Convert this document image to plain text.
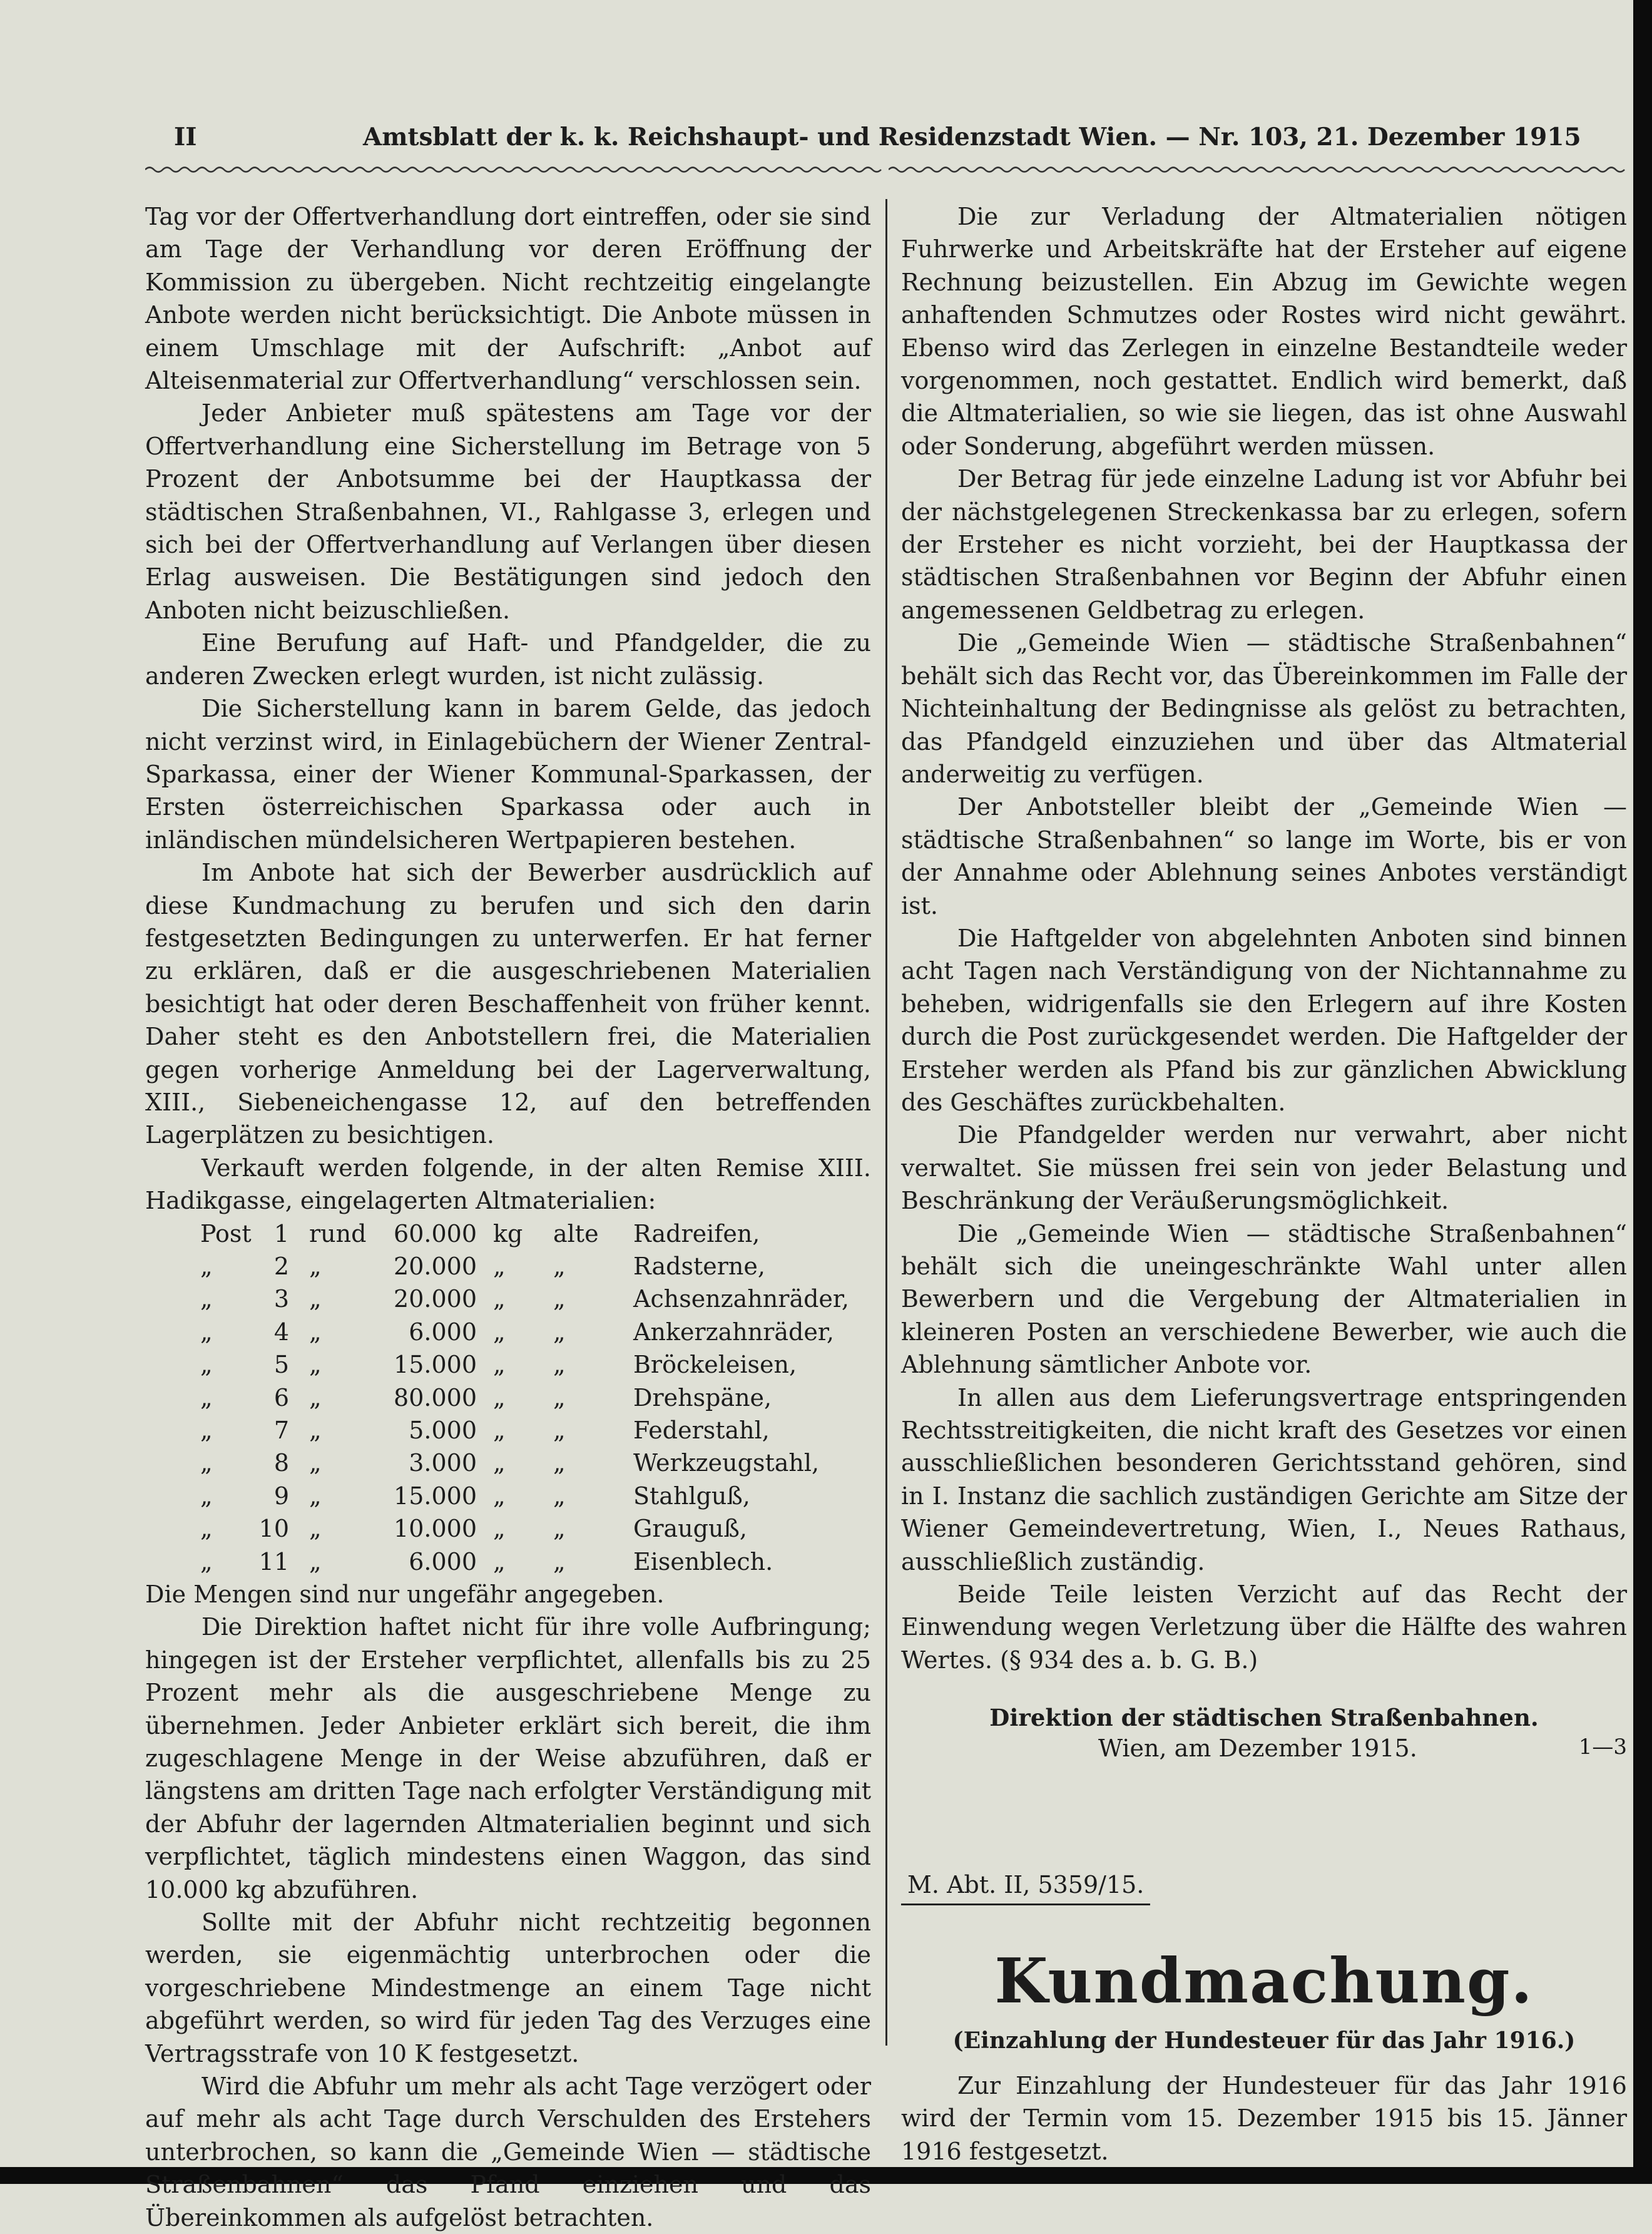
II	Amtsblatt der k. k. Reichshaupt- und Residenzstadt Wien. — Nr. 103, 21. Dezember 1915

Tag vor der Offertverhandlung dort eintreffen, oder sie sind am Tage der Verhandlung vor deren Eröffnung der Kommission zu übergeben. Nicht rechtzeitig eingelangte Anbote werden nicht berücksichtigt. Die Anbote müssen in einem Umschlage mit der Aufschrift: „Anbot auf Alteisenmaterial zur Offertverhandlung“ verschlossen sein.

Jeder Anbieter muß spätestens am Tage vor der Offertverhandlung eine Sicherstellung im Betrage von 5 Prozent der Anbotsumme bei der Hauptkassa der städtischen Straßenbahnen, VI., Rahlgasse 3, erlegen und sich bei der Offertverhandlung auf Verlangen über diesen Erlag ausweisen. Die Bestätigungen sind jedoch den Anboten nicht beizuschließen.

Eine Berufung auf Haft- und Pfandgelder, die zu anderen Zwecken erlegt wurden, ist nicht zulässig.

Die Sicherstellung kann in barem Gelde, das jedoch nicht verzinst wird, in Einlagebüchern der Wiener Zentral-Sparkassa, einer der Wiener Kommunal-Sparkassen, der Ersten österreichischen Sparkassa oder auch in inländischen mündelsicheren Wertpapieren bestehen.

Im Anbote hat sich der Bewerber ausdrücklich auf diese Kundmachung zu berufen und sich den darin festgesetzten Bedingungen zu unterwerfen. Er hat ferner zu erklären, daß er die ausgeschriebenen Materialien besichtigt hat oder deren Beschaffenheit von früher kennt. Daher steht es den Anbotstellern frei, die Materialien gegen vorherige Anmeldung bei der Lagerverwaltung, XIII., Siebeneichengasse 12, auf den betreffenden Lagerplätzen zu besichtigen.

Verkauft werden folgende, in der alten Remise XIII. Hadikgasse, eingelagerten Altmaterialien:

Post 1 rund	60.000 kg alte Radreifen,
„	2 „	20.000 „ „	Radsterne,
„	3 „	20.000 „ „	Achsenzahnräder,
„	4 „	6.000 „ „	Ankerzahnräder,
„	5 „	15.000 „ „	Bröckeleisen,
„	6 „	80.000 „ „	Drehspäne,
„	7 „	5.000 „ „	Federstahl,
„	8 „	3.000 „ „	Werkzeugstahl,
„	9 „	15.000 „ „	Stahlguß,
„	10 „	10.000 „ „	Grauguß,
„	11 „	6.000 „ „	Eisenblech.

Die Mengen sind nur ungefähr angegeben.

Die Direktion haftet nicht für ihre volle Aufbringung; hingegen ist der Ersteher verpflichtet, allenfalls bis zu 25 Prozent mehr als die ausgeschriebene Menge zu übernehmen. Jeder Anbieter erklärt sich bereit, die ihm zugeschlagene Menge in der Weise abzuführen, daß er längstens am dritten Tage nach erfolgter Verständigung mit der Abfuhr der lagernden Altmaterialien beginnt und sich verpflichtet, täglich mindestens einen Waggon, das sind 10.000 kg abzuführen.

Sollte mit der Abfuhr nicht rechtzeitig begonnen werden, sie eigenmächtig unterbrochen oder die vorgeschriebene Mindestmenge an einem Tage nicht abgeführt werden, so wird für jeden Tag des Verzuges eine Vertragsstrafe von 10 K festgesetzt.

Wird die Abfuhr um mehr als acht Tage verzögert oder auf mehr als acht Tage durch Verschulden des Erstehers unterbrochen, so kann die „Gemeinde Wien — städtische Straßenbahnen“ das Pfand einziehen und das Übereinkommen als aufgelöst betrachten.

Die zur Verladung der Altmaterialien nötigen Fuhrwerke und Arbeitskräfte hat der Ersteher auf eigene Rechnung beizustellen. Ein Abzug im Gewichte wegen anhaftenden Schmutzes oder Rostes wird nicht gewährt. Ebenso wird das Zerlegen in einzelne Bestandteile weder vorgenommen, noch gestattet. Endlich wird bemerkt, daß die Altmaterialien, so wie sie liegen, das ist ohne Auswahl oder Sonderung, abgeführt werden müssen.

Der Betrag für jede einzelne Ladung ist vor Abfuhr bei der nächstgelegenen Streckenkassa bar zu erlegen, sofern der Ersteher es nicht vorzieht, bei der Hauptkassa der städtischen Straßenbahnen vor Beginn der Abfuhr einen angemessenen Geldbetrag zu erlegen.

Die „Gemeinde Wien — städtische Straßenbahnen“ behält sich das Recht vor, das Übereinkommen im Falle der Nichteinhaltung der Bedingnisse als gelöst zu betrachten, das Pfandgeld einzuziehen und über das Altmaterial anderweitig zu verfügen.

Der Anbotsteller bleibt der „Gemeinde Wien — städtische Straßenbahnen“ so lange im Worte, bis er von der Annahme oder Ablehnung seines Anbotes verständigt ist.

Die Haftgelder von abgelehnten Anboten sind binnen acht Tagen nach Verständigung von der Nichtannahme zu beheben, widrigenfalls sie den Erlegern auf ihre Kosten durch die Post zurückgesendet werden. Die Haftgelder der Ersteher werden als Pfand bis zur gänzlichen Abwicklung des Geschäftes zurückbehalten.

Die Pfandgelder werden nur verwahrt, aber nicht verwaltet. Sie müssen frei sein von jeder Belastung und Beschränkung der Veräußerungsmöglichkeit.

Die „Gemeinde Wien — städtische Straßenbahnen“ behält sich die uneingeschränkte Wahl unter allen Bewerbern und die Vergebung der Altmaterialien in kleineren Posten an verschiedene Bewerber, wie auch die Ablehnung sämtlicher Anbote vor.

In allen aus dem Lieferungsvertrage entspringenden Rechtsstreitigkeiten, die nicht kraft des Gesetzes vor einen ausschließlichen besonderen Gerichtsstand gehören, sind in I. Instanz die sachlich zuständigen Gerichte am Sitze der Wiener Gemeindevertretung, Wien, I., Neues Rathaus, ausschließlich zuständig.

Beide Teile leisten Verzicht auf das Recht der Einwendung wegen Verletzung über die Hälfte des wahren Wertes. (§ 934 des a. b. G. B.)

Direktion der städtischen Straßenbahnen.
Wien, am Dezember 1915.	1—3
M. Abt. II, 5359/15.
Kundmachung.
(Einzahlung der Hundesteuer für das Jahr 1916.)

Zur Einzahlung der Hundesteuer für das Jahr 1916 wird der Termin vom 15. Dezember 1915 bis 15. Jänner 1916 festgesetzt.
